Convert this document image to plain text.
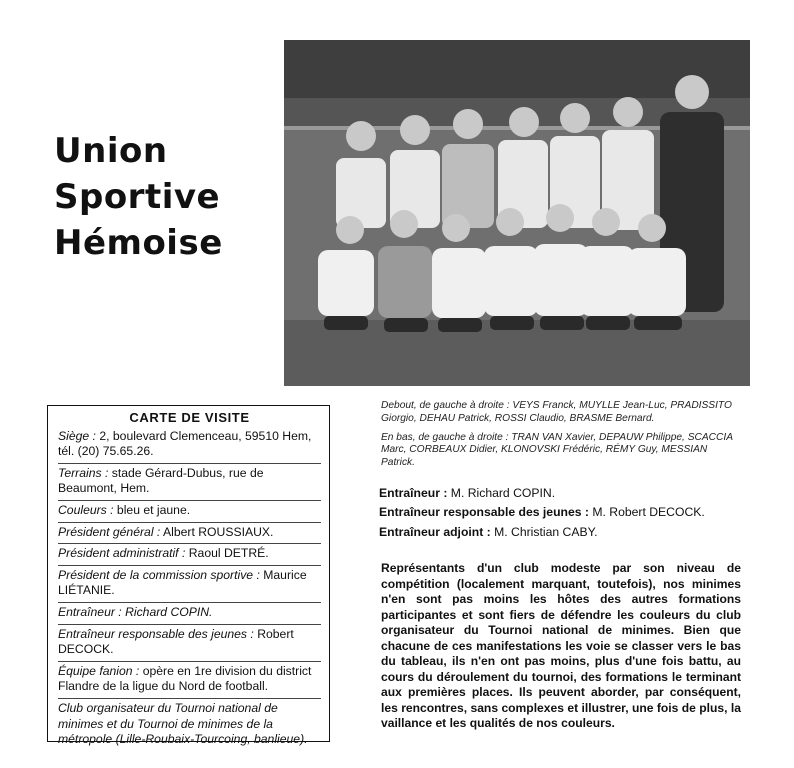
Union
Sportive
Hémoise
CARTE DE VISITE

Siège : 2, boulevard Clemenceau, 59510 Hem, tél. (20) 75.65.26.

Terrains : stade Gérard-Dubus, rue de Beaumont, Hem.

Couleurs : bleu et jaune.

Président général : Albert ROUSSIAUX.

Président administratif : Raoul DETRÉ.

Président de la commission sportive : Maurice LIÉTANIE.

Entraîneur : Richard COPIN.

Entraîneur responsable des jeunes : Robert DECOCK.

Équipe fanion : opère en 1re division du district Flandre de la ligue du Nord de football.

Club organisateur du Tournoi national de minimes et du Tournoi de minimes de la métropole (Lille-Roubaix-Tourcoing, banlieue).

Debout, de gauche à droite : VEYS Franck, MUYLLE Jean-Luc, PRADISSITO Giorgio, DEHAU Patrick, ROSSI Claudio, BRASME Bernard.

En bas, de gauche à droite : TRAN VAN Xavier, DEPAUW Philippe, SCACCIA Marc, CORBEAUX Didier, KLONOVSKI Frédéric, RÉMY Guy, MESSIAN Patrick.

Entraîneur : M. Richard COPIN.

Entraîneur responsable des jeunes : M. Robert DECOCK.

Entraîneur adjoint : M. Christian CABY.

Représentants d'un club modeste par son niveau de compétition (localement marquant, toutefois), nos minimes n'en sont pas moins les hôtes des autres formations participantes et sont fiers de défendre les couleurs du club organisateur du Tournoi national de minimes. Bien que chacune de ces manifestations les voie se classer vers le bas du tableau, ils n'en ont pas moins, plus d'une fois battu, au cours du déroulement du tournoi, des formations le terminant aux premières places. Ils peuvent aborder, par conséquent, les rencontres, sans complexes et illustrer, une fois de plus, la vaillance et les qualités de nos couleurs.
